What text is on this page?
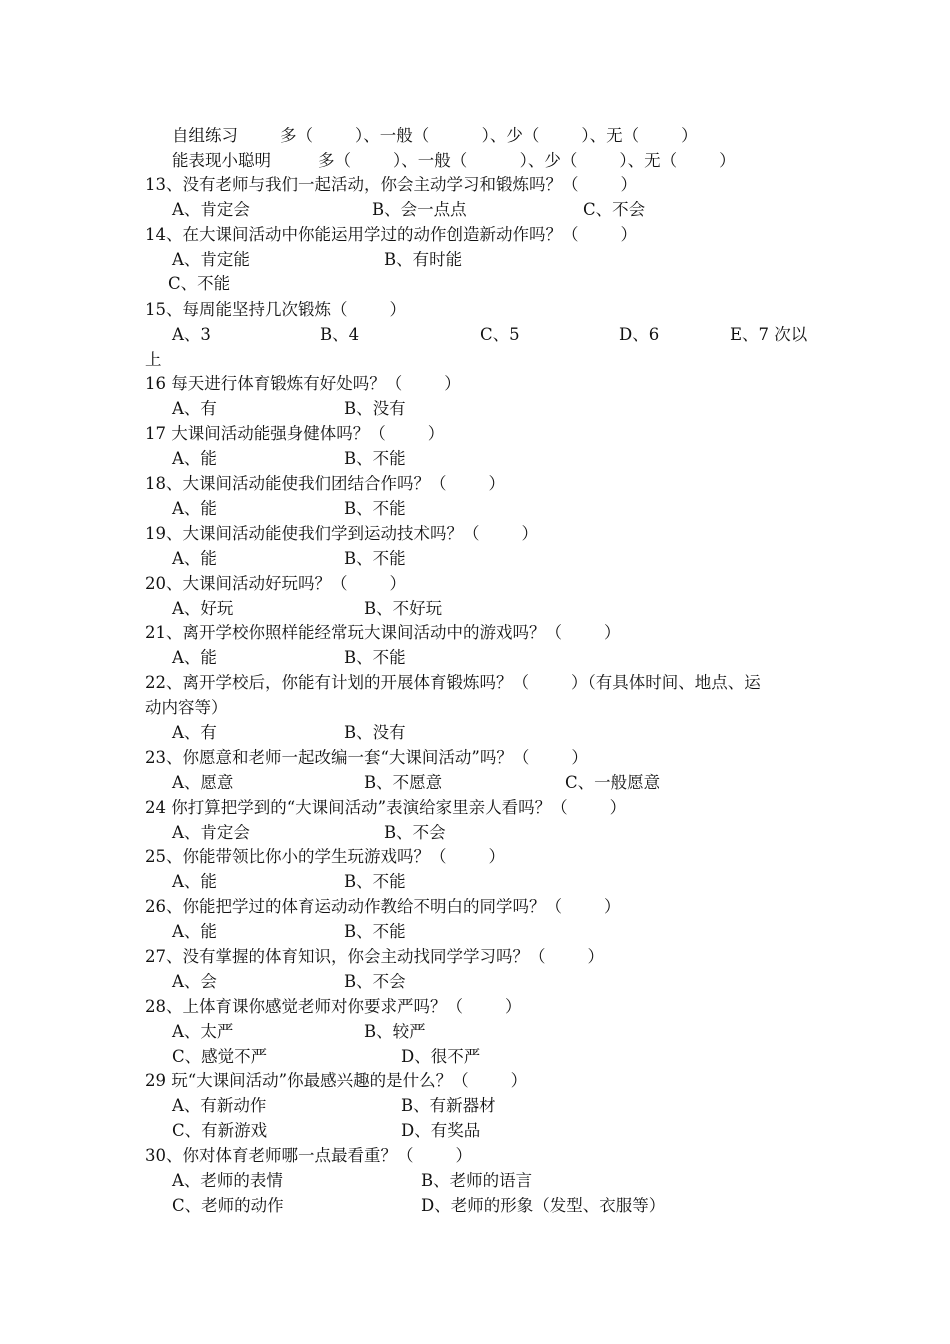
自组练习	多（        ）、一般（          ）、少（        ）、无（        ）
能表现小聪明	多（        ）、一般（          ）、少（        ）、无（        ）
13、没有老师与我们一起活动，你会主动学习和锻炼吗？（        ）
A、肯定会	B、会一点点	C、不会
14、在大课间活动中你能运用学过的动作创造新动作吗？（        ）
A、肯定能	B、有时能
C、不能
15、每周能坚持几次锻炼（        ）
A、3	B、4	C、5	D、6	E、7 次以
上
16 每天进行体育锻炼有好处吗？（        ）
A、有	B、没有
17 大课间活动能强身健体吗？（        ）
A、能	B、不能
18、大课间活动能使我们团结合作吗？（        ）
A、能	B、不能
19、大课间活动能使我们学到运动技术吗？（        ）
A、能	B、不能
20、大课间活动好玩吗？（        ）
A、好玩	B、不好玩
21、离开学校你照样能经常玩大课间活动中的游戏吗？（        ）
A、能	B、不能
22、离开学校后，你能有计划的开展体育锻炼吗？（        ）（有具体时间、地点、运
动内容等）
A、有	B、没有
23、你愿意和老师一起改编一套“大课间活动”吗？（        ）
A、愿意	B、不愿意	C、一般愿意
24 你打算把学到的“大课间活动”表演给家里亲人看吗？（        ）
A、肯定会	B、不会
25、你能带领比你小的学生玩游戏吗？（        ）
A、能	B、不能
26、你能把学过的体育运动动作教给不明白的同学吗？（        ）
A、能	B、不能
27、没有掌握的体育知识，你会主动找同学学习吗？（        ）
A、会	B、不会
28、上体育课你感觉老师对你要求严吗？（        ）
A、太严	B、较严
C、感觉不严	D、很不严
29 玩“大课间活动”你最感兴趣的是什么？（        ）
A、有新动作	B、有新器材
C、有新游戏	D、有奖品
30、你对体育老师哪一点最看重？（        ）
A、老师的表情	B、老师的语言
C、老师的动作	D、老师的形象（发型、衣服等）
